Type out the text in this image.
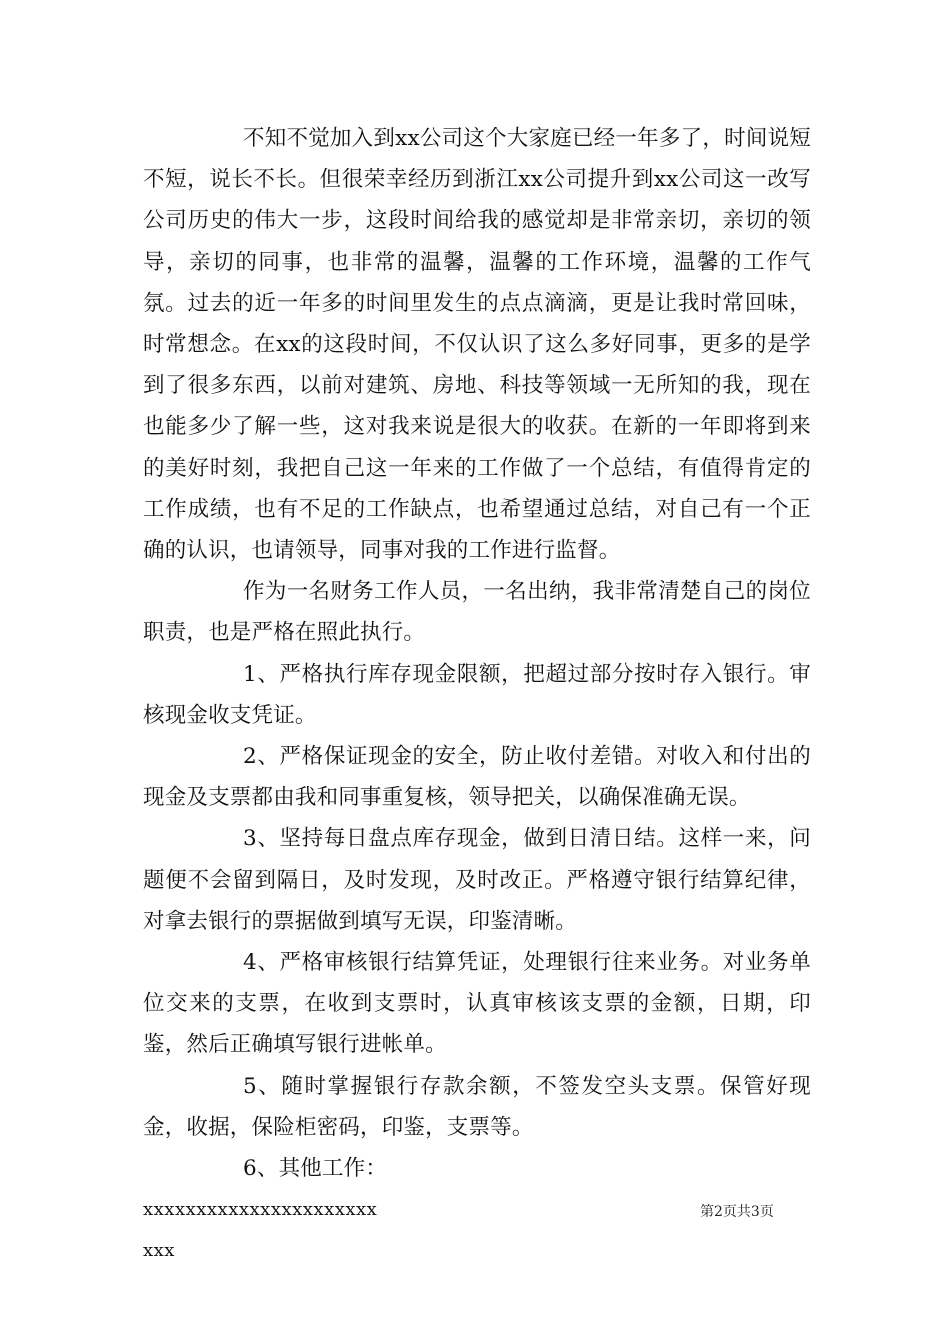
不知不觉加入到xx公司这个大家庭已经一年多了，时间说短不短，说长不长。但很荣幸经历到浙江xx公司提升到xx公司这一改写公司历史的伟大一步，这段时间给我的感觉却是非常亲切，亲切的领导，亲切的同事，也非常的温馨，温馨的工作环境，温馨的工作气氛。过去的近一年多的时间里发生的点点滴滴，更是让我时常回味，时常想念。在xx的这段时间，不仅认识了这么多好同事，更多的是学到了很多东西，以前对建筑、房地、科技等领域一无所知的我，现在也能多少了解一些，这对我来说是很大的收获。在新的一年即将到来的美好时刻，我把自己这一年来的工作做了一个总结，有值得肯定的工作成绩，也有不足的工作缺点，也希望通过总结，对自己有一个正确的认识，也请领导，同事对我的工作进行监督。

作为一名财务工作人员，一名出纳，我非常清楚自己的岗位职责，也是严格在照此执行。

1、严格执行库存现金限额，把超过部分按时存入银行。审核现金收支凭证。

2、严格保证现金的安全，防止收付差错。对收入和付出的现金及支票都由我和同事重复核，领导把关，以确保准确无误。

3、坚持每日盘点库存现金，做到日清日结。这样一来，问题便不会留到隔日，及时发现，及时改正。严格遵守银行结算纪律，对拿去银行的票据做到填写无误，印鉴清晰。

4、严格审核银行结算凭证，处理银行往来业务。对业务单位交来的支票，在收到支票时，认真审核该支票的金额，日期，印鉴，然后正确填写银行进帐单。

5、随时掌握银行存款余额，不签发空头支票。保管好现金，收据，保险柜密码，印鉴，支票等。

6、其他工作：

xxxxxxxxxxxxxxxxxxxxxx

xxx

第2页共3页
